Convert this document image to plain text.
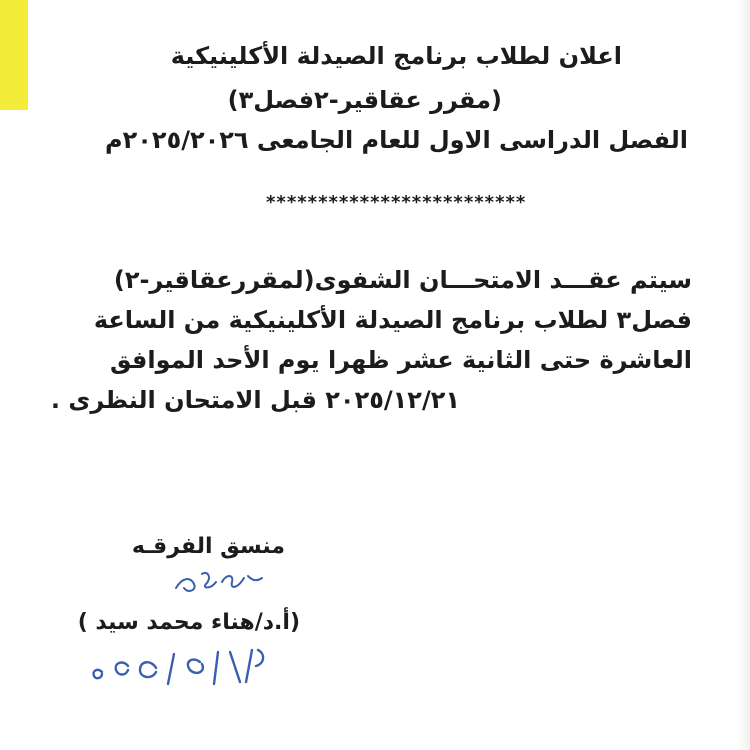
اعلان لطلاب برنامج الصيدلة الأكلينيكية
(مقرر عقاقير-٢فصل٣)
الفصل الدراسى الاول للعام الجامعى ٢٠٢٥/٢٠٢٦م
*************************
سيتم عقـــد الامتحـــان الشفوى(لمقررعقاقير-٢)
فصل٣ لطلاب برنامج الصيدلة الأكلينيكية من الساعة
العاشرة حتى الثانية عشر ظهرا يوم الأحد الموافق
٢٠٢٥/١٢/٢١ قبل الامتحان النظرى .
منسق الفرقـه
هنا
(أ.د/هناء محمد سيد )
٢٠٢٥/١٢/١٧
